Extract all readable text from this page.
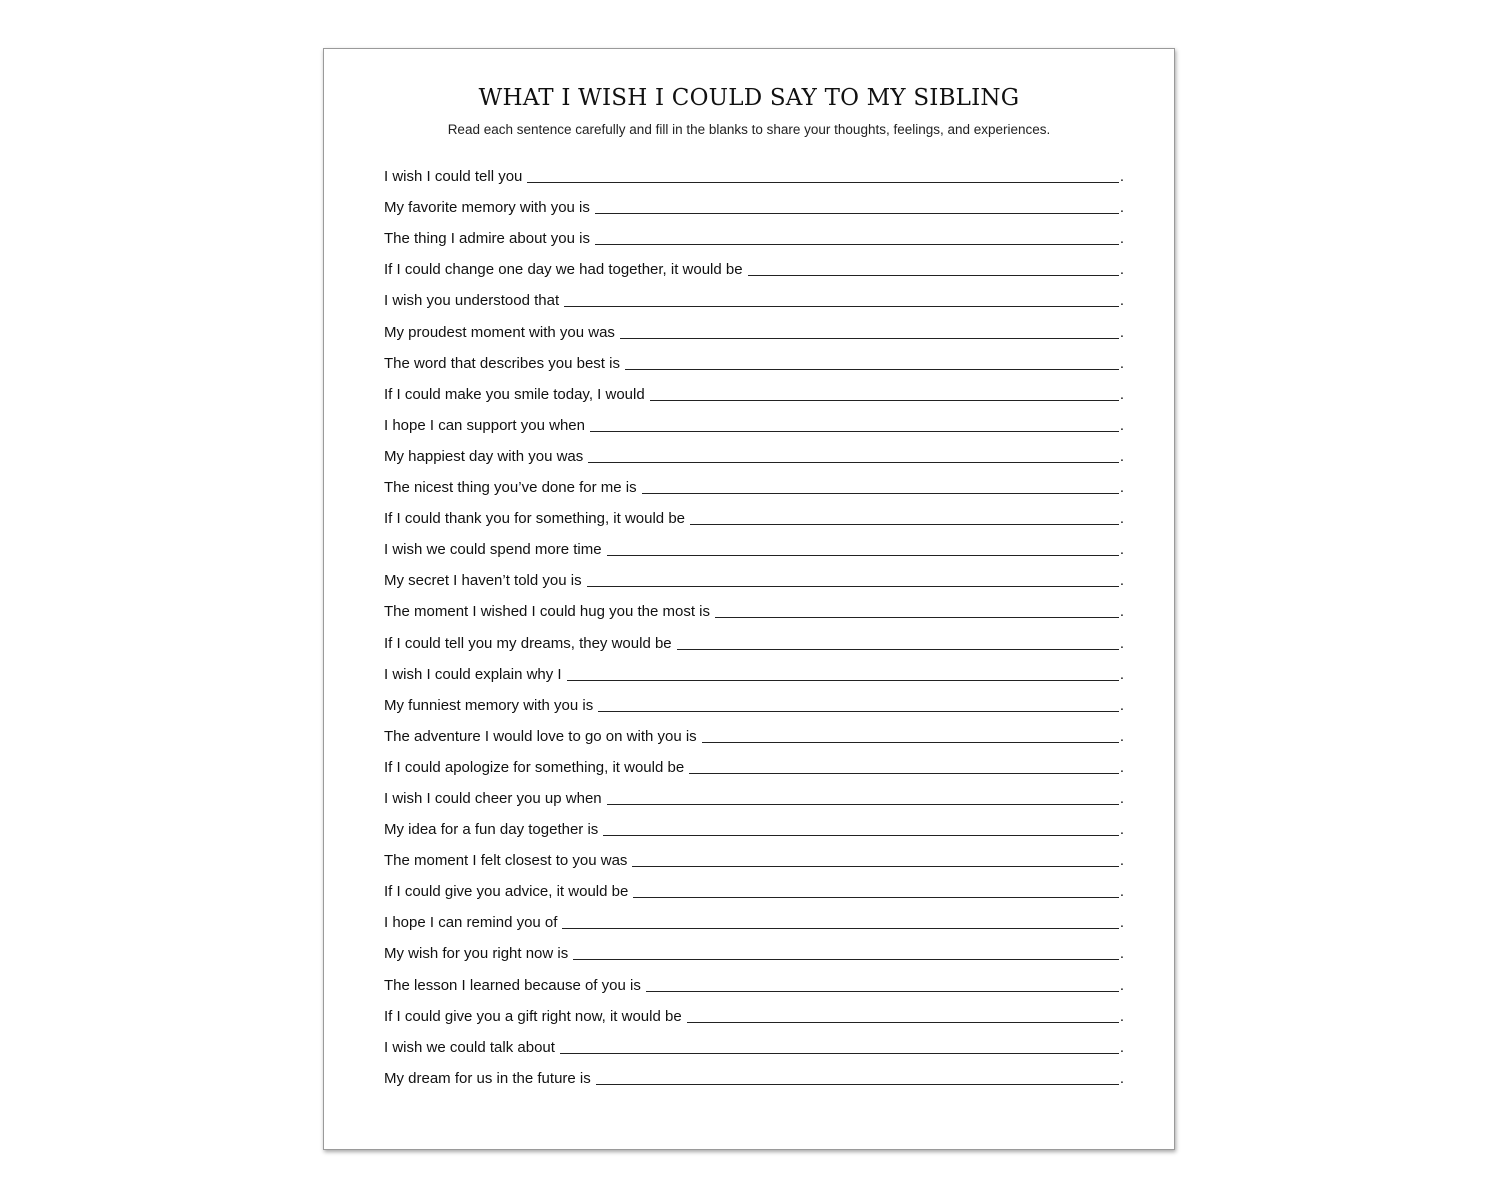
WHAT I WISH I COULD SAY TO MY SIBLING

Read each sentence carefully and fill in the blanks to share your thoughts, feelings, and experiences.

I wish I could tell you	.
My favorite memory with you is	.
The thing I admire about you is	.
If I could change one day we had together, it would be	.
I wish you understood that	.
My proudest moment with you was	.
The word that describes you best is	.
If I could make you smile today, I would	.
I hope I can support you when	.
My happiest day with you was	.
The nicest thing you’ve done for me is	.
If I could thank you for something, it would be	.
I wish we could spend more time	.
My secret I haven’t told you is	.
The moment I wished I could hug you the most is	.
If I could tell you my dreams, they would be	.
I wish I could explain why I	.
My funniest memory with you is	.
The adventure I would love to go on with you is	.
If I could apologize for something, it would be	.
I wish I could cheer you up when	.
My idea for a fun day together is	.
The moment I felt closest to you was	.
If I could give you advice, it would be	.
I hope I can remind you of	.
My wish for you right now is	.
The lesson I learned because of you is	.
If I could give you a gift right now, it would be	.
I wish we could talk about	.
My dream for us in the future is	.
